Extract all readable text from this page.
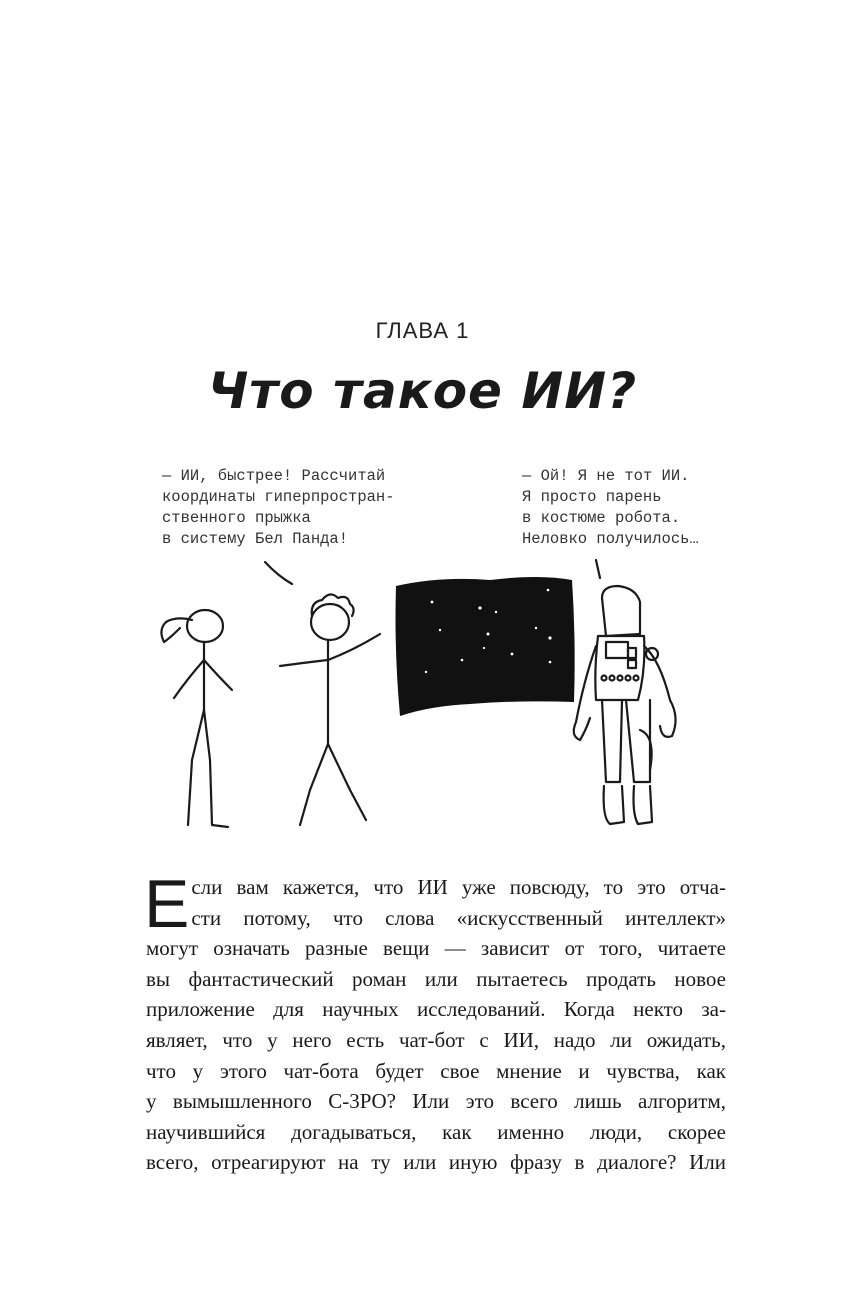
ГЛАВА 1
Что такое ИИ?
— ИИ, быстрее! Рассчитай
координаты гиперпростран-
ственного прыжка
в систему Бел Панда!
— Ой! Я не тот ИИ.
Я просто парень
в костюме робота.
Неловко получилось…
Е сли вам кажется, что ИИ уже повсюду, то это отча-
сти потому, что слова «искусственный интеллект»
могут означать разные вещи — зависит от того, читаете
вы фантастический роман или пытаетесь продать новое
приложение для научных исследований. Когда некто за-
являет, что у него есть чат-бот с ИИ, надо ли ожидать,
что у этого чат-бота будет свое мнение и чувства, как
у вымышленного С-3PO? Или это всего лишь алгоритм,
научившийся догадываться, как именно люди, скорее
всего, отреагируют на ту или иную фразу в диалоге? Или
